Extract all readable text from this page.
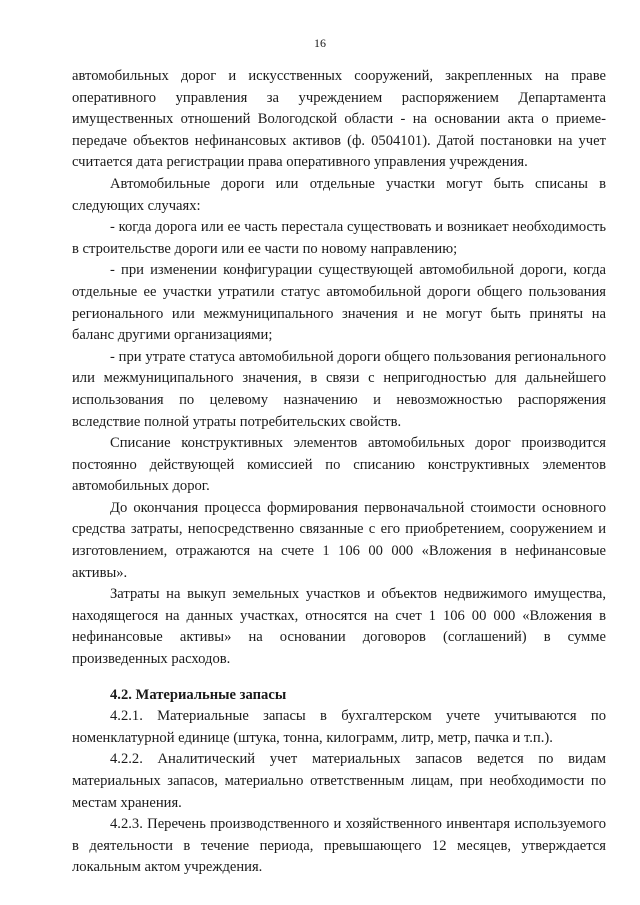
16

автомобильных дорог и искусственных сооружений, закрепленных на праве оперативного управления за учреждением распоряжением Департамента имущественных отношений Вологодской области - на основании акта о приеме-передаче объектов нефинансовых активов (ф. 0504101). Датой постановки на учет считается дата регистрации права оперативного управления учреждения.

Автомобильные дороги или отдельные участки могут быть списаны в следующих случаях:

- когда дорога или ее часть перестала существовать и возникает необходимость в строительстве дороги или ее части по новому направлению;

- при изменении конфигурации существующей автомобильной дороги, когда отдельные ее участки утратили статус автомобильной дороги общего пользования регионального или межмуниципального значения и не могут быть приняты на баланс другими организациями;

- при утрате статуса автомобильной дороги общего пользования регионального или межмуниципального значения, в связи с непригодностью для дальнейшего использования по целевому назначению и невозможностью распоряжения вследствие полной утраты потребительских свойств.

Списание конструктивных элементов автомобильных дорог производится постоянно действующей комиссией по списанию конструктивных элементов автомобильных дорог.

До окончания процесса формирования первоначальной стоимости основного средства затраты, непосредственно связанные с его приобретением, сооружением и изготовлением, отражаются на счете 1 106 00 000 «Вложения в нефинансовые активы».

Затраты на выкуп земельных участков и объектов недвижимого имущества, находящегося на данных участках, относятся на счет 1 106 00 000 «Вложения в нефинансовые активы» на основании договоров (соглашений) в сумме произведенных расходов.

4.2. Материальные запасы

4.2.1. Материальные запасы в бухгалтерском учете учитываются по номенклатурной единице (штука, тонна, килограмм, литр, метр, пачка и т.п.).

4.2.2. Аналитический учет материальных запасов ведется по видам материальных запасов, материально ответственным лицам, при необходимости по местам хранения.

4.2.3. Перечень производственного и хозяйственного инвентаря используемого в деятельности в течение периода, превышающего 12 месяцев, утверждается локальным актом учреждения.
